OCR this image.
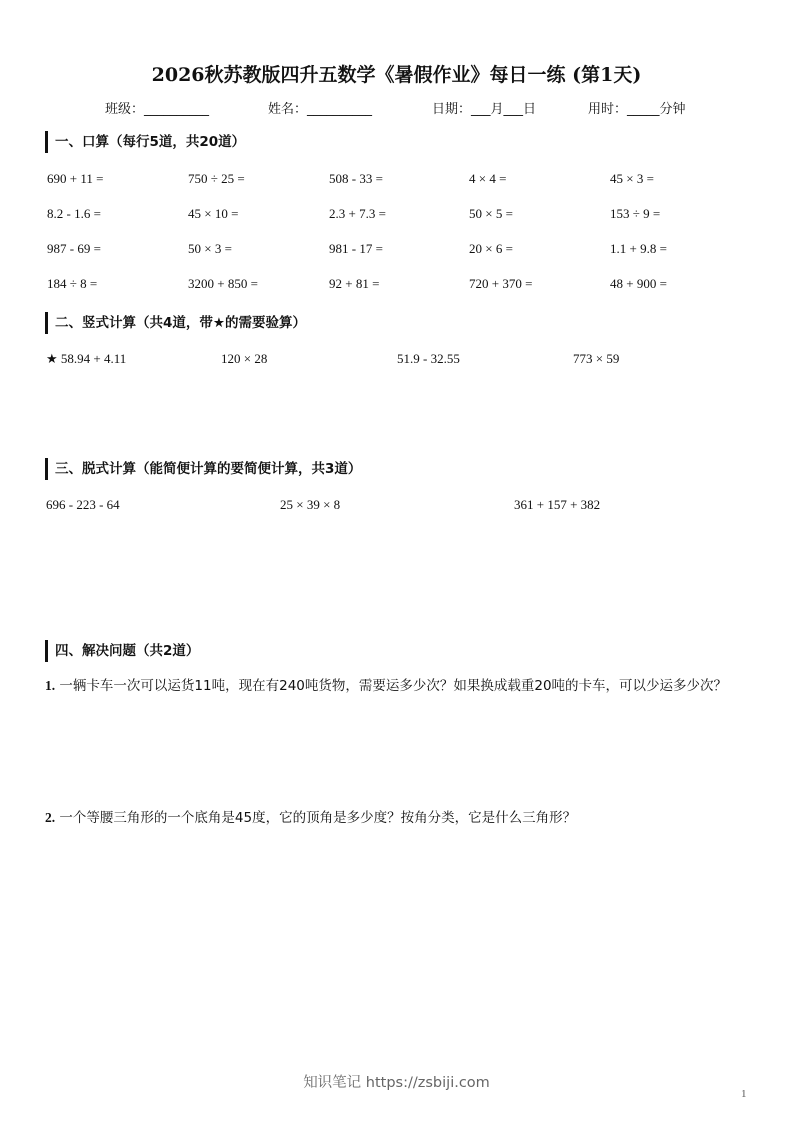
2026秋苏教版四升五数学《暑假作业》每日一练 (第1天)
班级：__________	姓名：__________	日期：___月___日	用时：_____分钟
一、口算（每行5道，共20道）
690 + 11 =	750 ÷ 25 =	508 - 33 =	4 × 4 =	45 × 3 =
8.2 - 1.6 =	45 × 10 =	2.3 + 7.3 =	50 × 5 =	153 ÷ 9 =
987 - 69 =	50 × 3 =	981 - 17 =	20 × 6 =	1.1 + 9.8 =
184 ÷ 8 =	3200 + 850 =	92 + 81 =	720 + 370 =	48 + 900 =
二、竖式计算（共4道，带★的需要验算）
★ 58.94 + 4.11	120 × 28	51.9 - 32.55	773 × 59
三、脱式计算（能简便计算的要简便计算，共3道）
696 - 223 - 64	25 × 39 × 8	361 + 157 + 382
四、解决问题（共2道）
1. 一辆卡车一次可以运货11吨，现在有240吨货物，需要运多少次？如果换成载重20吨的卡车，可以少运多少次？
2. 一个等腰三角形的一个底角是45度，它的顶角是多少度？按角分类，它是什么三角形？
知识笔记 https://zsbiji.com
1
